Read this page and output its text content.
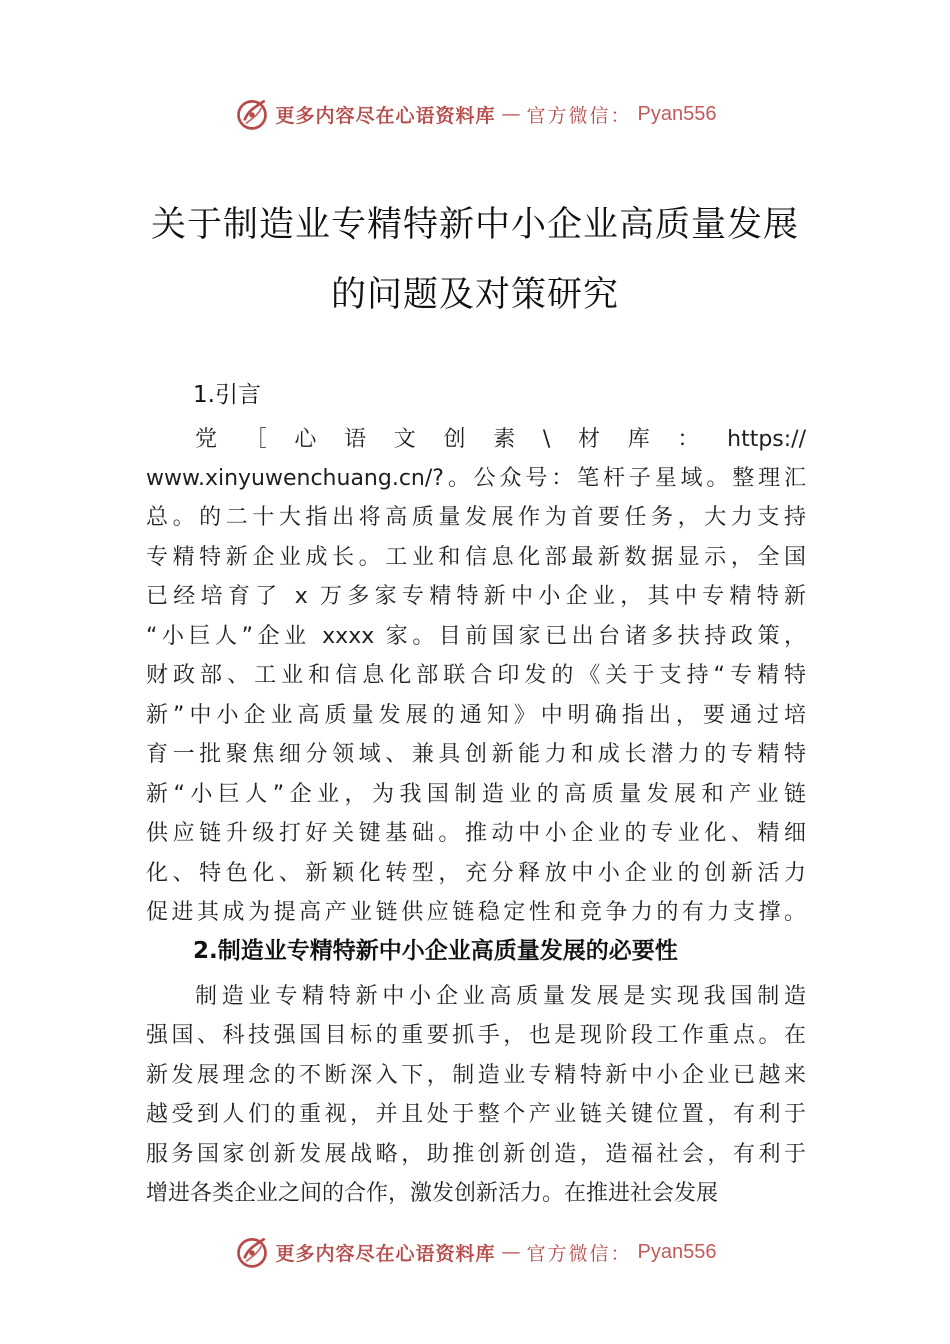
更多内容尽在心语资料库 — 官方微信： Pyan556
关于制造业专精特新中小企业高质量发展
的问题及对策研究
1.引言
党［心语文创素\材库：https://
www.xinyuwenchuang.cn/?。公众号：笔杆子星域。整理汇
总。的二十大指出将高质量发展作为首要任务，大力支持
专精特新企业成长。工业和信息化部最新数据显示，全国
已经培育了 x 万多家专精特新中小企业，其中专精特新
“小巨人”企业 xxxx 家。目前国家已出台诸多扶持政策，
财政部、工业和信息化部联合印发的《关于支持“专精特
新”中小企业高质量发展的通知》中明确指出，要通过培
育一批聚焦细分领域、兼具创新能力和成长潜力的专精特
新“小巨人”企业，为我国制造业的高质量发展和产业链
供应链升级打好关键基础。推动中小企业的专业化、精细
化、特色化、新颖化转型，充分释放中小企业的创新活力
促进其成为提高产业链供应链稳定性和竞争力的有力支撑。
2.制造业专精特新中小企业高质量发展的必要性
制造业专精特新中小企业高质量发展是实现我国制造
强国、科技强国目标的重要抓手，也是现阶段工作重点。在
新发展理念的不断深入下，制造业专精特新中小企业已越来
越受到人们的重视，并且处于整个产业链关键位置，有利于
服务国家创新发展战略，助推创新创造，造福社会，有利于
增进各类企业之间的合作，激发创新活力。在推进社会发展
更多内容尽在心语资料库 — 官方微信： Pyan556
